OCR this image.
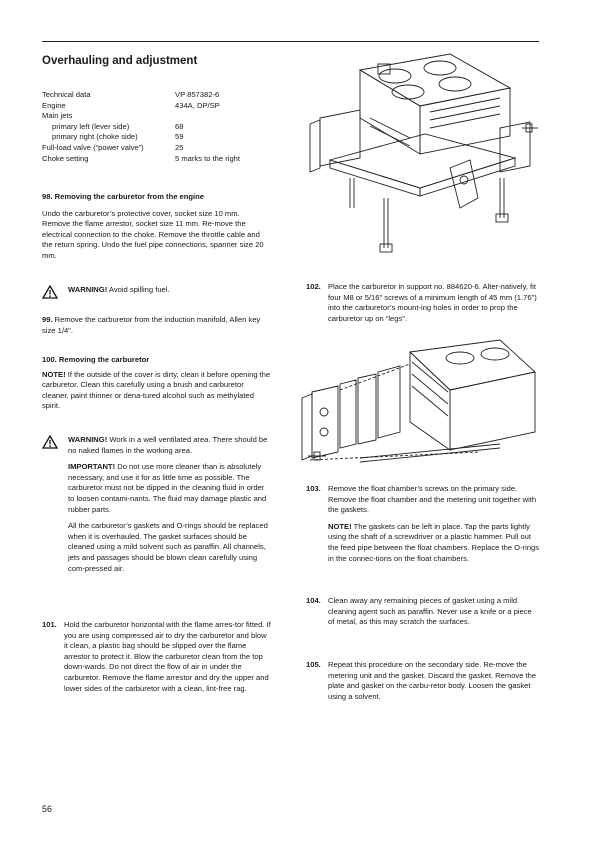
Overhauling and adjustment
Technical data	VP 857382-6
Engine	434A, DP/SP
Main jets	
primary left (lever side)	68
primary right (choke side)	59
Full-load valve (“power valve”)	25
Choke setting	5 marks to the right

98. Removing the carburetor from the engine

Undo the carburetor’s protective cover, socket size 10 mm. Remove the flame arrestor, socket size 11 mm. Re-move the electrical connection to the choke. Remove the throttle cable and the return spring. Undo the fuel pipe connections, spanner size 20 mm.

WARNING! Avoid spilling fuel.

99. Remove the carburetor from the induction manifold, Allen key size 1/4".

100. Removing the carburetor

NOTE! If the outside of the cover is dirty, clean it before opening the carburetor. Clean this carefully using a brush and carburetor cleaner, paint thinner or dena-tured alcohol such as methylated spirit.

WARNING! Work in a well ventilated area. There should be no naked flames in the working area.

IMPORTANT! Do not use more cleaner than is absolutely necessary, and use it for as little time as possible. The carburetor must not be dipped in the cleaning fluid in order to loosen contami-nants. The fluid may damage plastic and rubber parts.

All the carburetor’s gaskets and O-rings should be replaced when it is overhauled. The gasket surfaces should be cleaned using a mild solvent such as paraffin. All channels, jets and passages should be blown clean carefully using com-pressed air.

101. Hold the carburetor horizontal with the flame arres-tor fitted. If you are using compressed air to dry the carburetor and blow it clean, a plastic bag should be slipped over the flame arrestor to protect it. Blow the carburetor clean from the top down-wards. Do not direct the flow of air in under the carburetor. Remove the flame arrestor and dry the upper and lower sides of the carburetor with a clean, lint-free rag.
102. Place the carburetor in support no. 884620-6. Alter-natively, fit four M8 or 5/16" screws of a minimum length of 45 mm (1.76") into the carburetor’s mount-ing holes in order to prop the carburetor up on “legs”.
103. Remove the float chamber’s screws on the primary side. Remove the float chamber and the metering unit together with the gaskets.

NOTE! The gaskets can be left in place. Tap the parts lightly using the shaft of a screwdriver or a plastic hammer. Pull out the feed pipe between the float chambers. Replace the O-rings in the connec-tions on the float chambers.

104. Clean away any remaining pieces of gasket using a mild cleaning agent such as paraffin. Never use a knife or a piece of metal, as this may scratch the surfaces.
105. Repeat this procedure on the secondary side. Re-move the metering unit and the gasket. Discard the gasket. Remove the plate and gasket on the carbu-retor body. Loosen the gasket using a solvent.
56
